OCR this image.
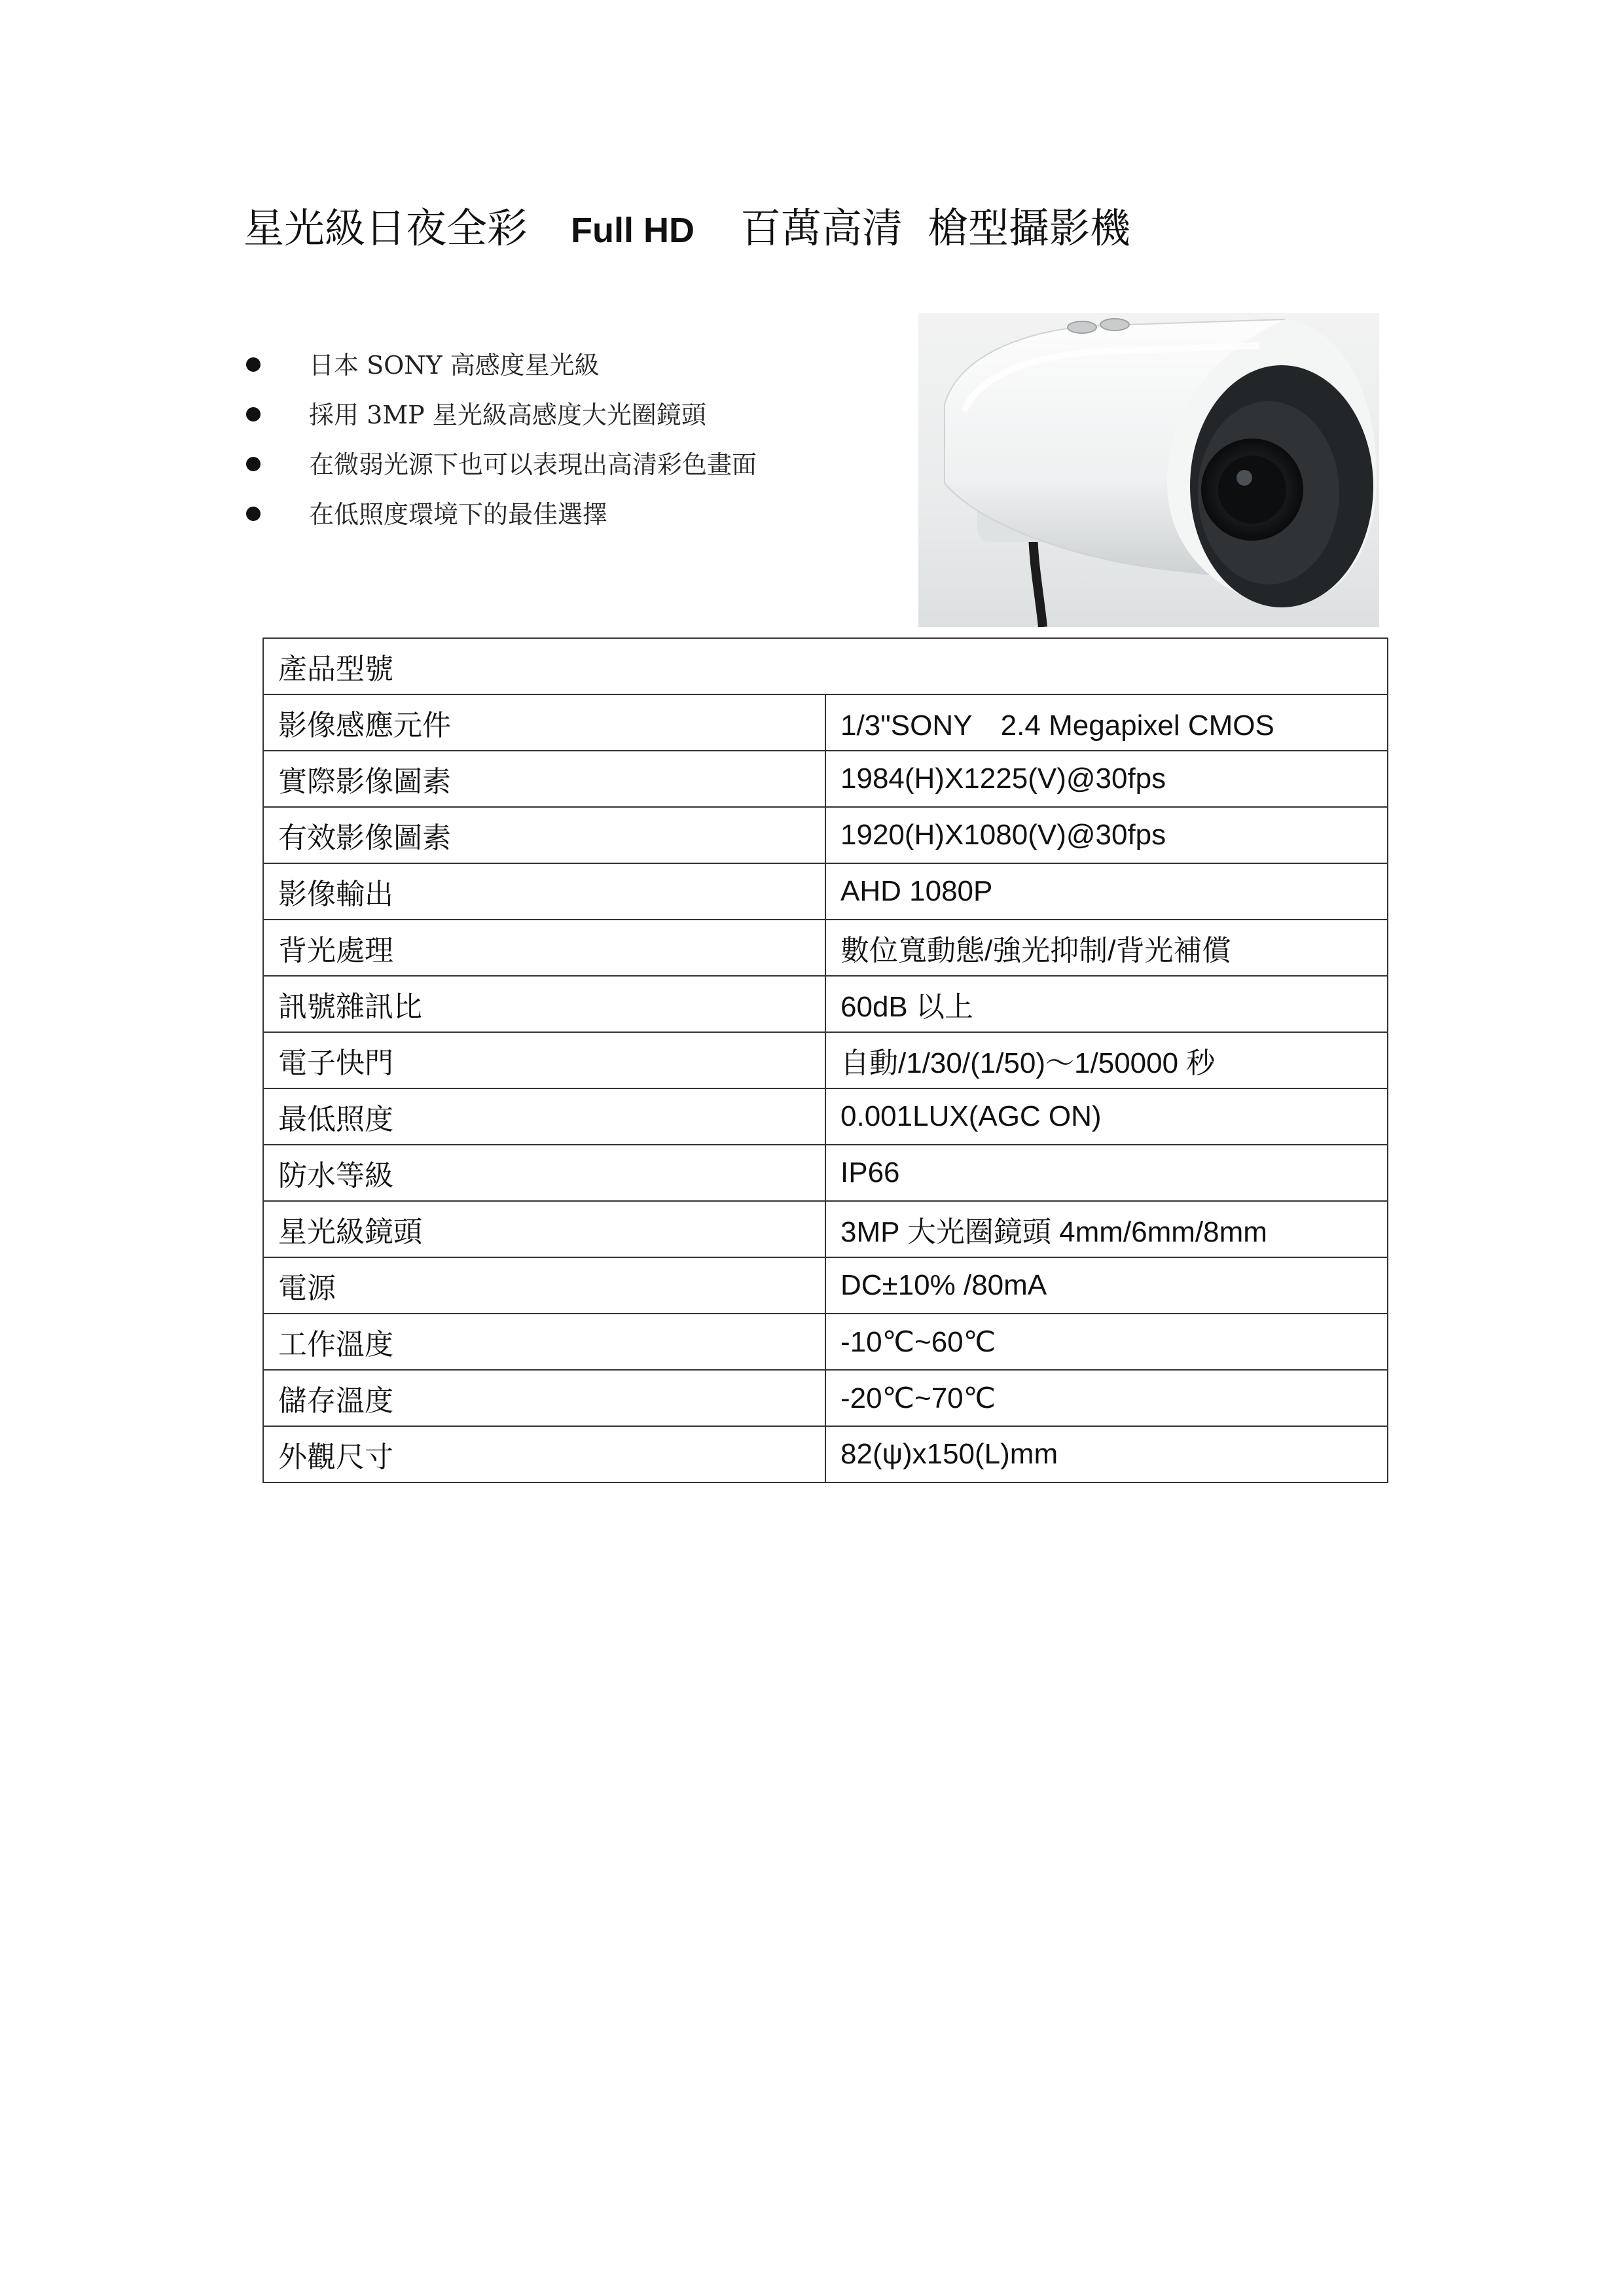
星光級日夜全彩 Full HD 百萬高清 槍型攝影機
日本 SONY 高感度星光級
採用 3MP 星光級高感度大光圈鏡頭
在微弱光源下也可以表現出高清彩色畫面
在低照度環境下的最佳選擇
產品型號	
影像感應元件	1/3"SONY　2.4 Megapixel CMOS
實際影像圖素	1984(H)X1225(V)@30fps
有效影像圖素	1920(H)X1080(V)@30fps
影像輸出	AHD 1080P
背光處理	數位寬動態/強光抑制/背光補償
訊號雜訊比	60dB 以上
電子快門	自動/1/30/(1/50)～1/50000 秒
最低照度	0.001LUX(AGC ON)
防水等級	IP66
星光級鏡頭	3MP 大光圈鏡頭 4mm/6mm/8mm
電源	DC±10% /80mA
工作溫度	-10℃~60℃
儲存溫度	-20℃~70℃
外觀尺寸	82(ψ)x150(L)mm
